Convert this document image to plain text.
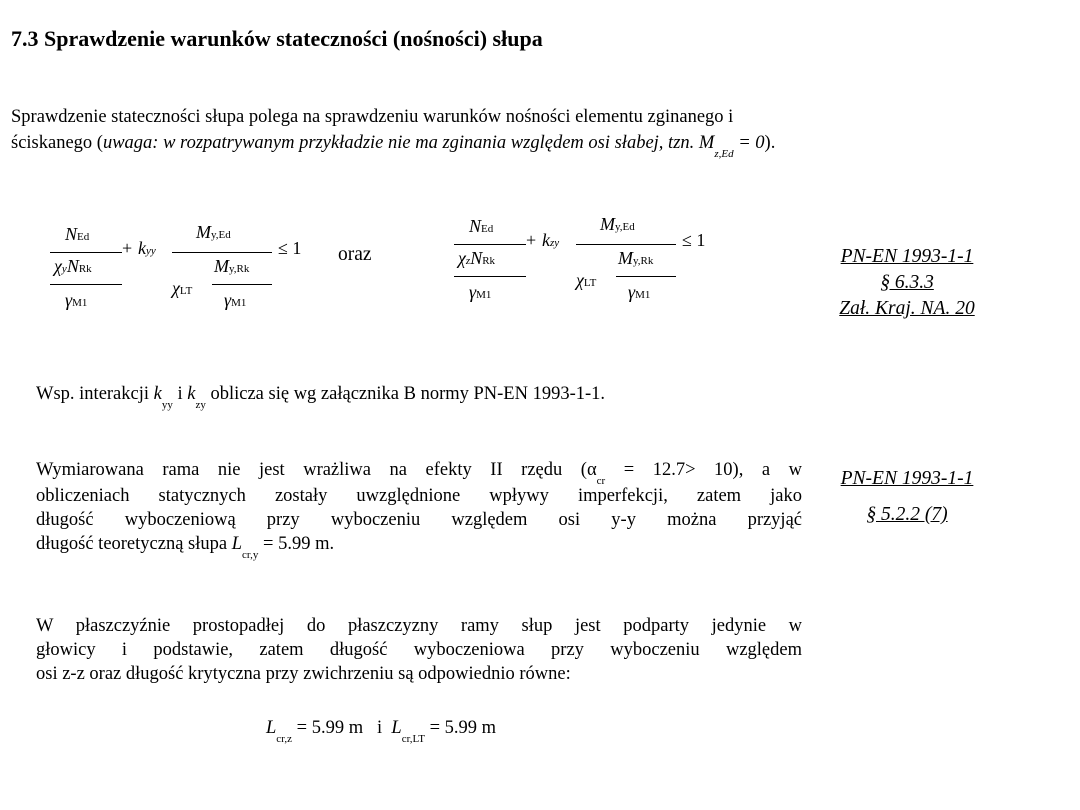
7.3 Sprawdzenie warunków stateczności (nośności) słupa
Sprawdzenie stateczności słupa polega na sprawdzeniu warunków nośności elementu zginanego i
ściskanego (uwaga: w rozpatrywanym przykładzie nie ma zginania względem osi słabej, tzn. $M_{z,Ed} = 0$).
NEd
χyNRk
γM1
+ kyy
My,Ed
χLT
My,Rk
γM1
≤ 1 oraz
NEd
χzNRk
γM1
+ kzy
My,Ed
χLT
My,Rk
γM1
≤ 1
PN-EN 1993-1-1
§ 6.3.3
Zał. Kraj. NA. 20
Wsp. interakcji $k_{yy}$ i $k_{zy}$ oblicza się wg załącznika B normy PN-EN 1993-1-1.
Wymiarowana rama nie jest wrażliwa na efekty II rzędu $(\alpha_{cr} = 12.7> 10)$, a w
obliczeniach statycznych zostały uwzględnione wpływy imperfekcji, zatem jako
długość wyboczeniową przy wyboczeniu względem osi y-y można przyjąć
długość teoretyczną słupa $L_{cr,y} = 5.99$ m.
PN-EN 1993-1-1
§ 5.2.2 (7)
W płaszczyźnie prostopadłej do płaszczyzny ramy słup jest podparty jedynie w
głowicy i podstawie, zatem długość wyboczeniowa przy wyboczeniu względem
osi z-z oraz długość krytyczna przy zwichrzeniu są odpowiednio równe:
$L_{cr,z} = 5.99$ m   i  $L_{cr,LT} = 5.99$ m
